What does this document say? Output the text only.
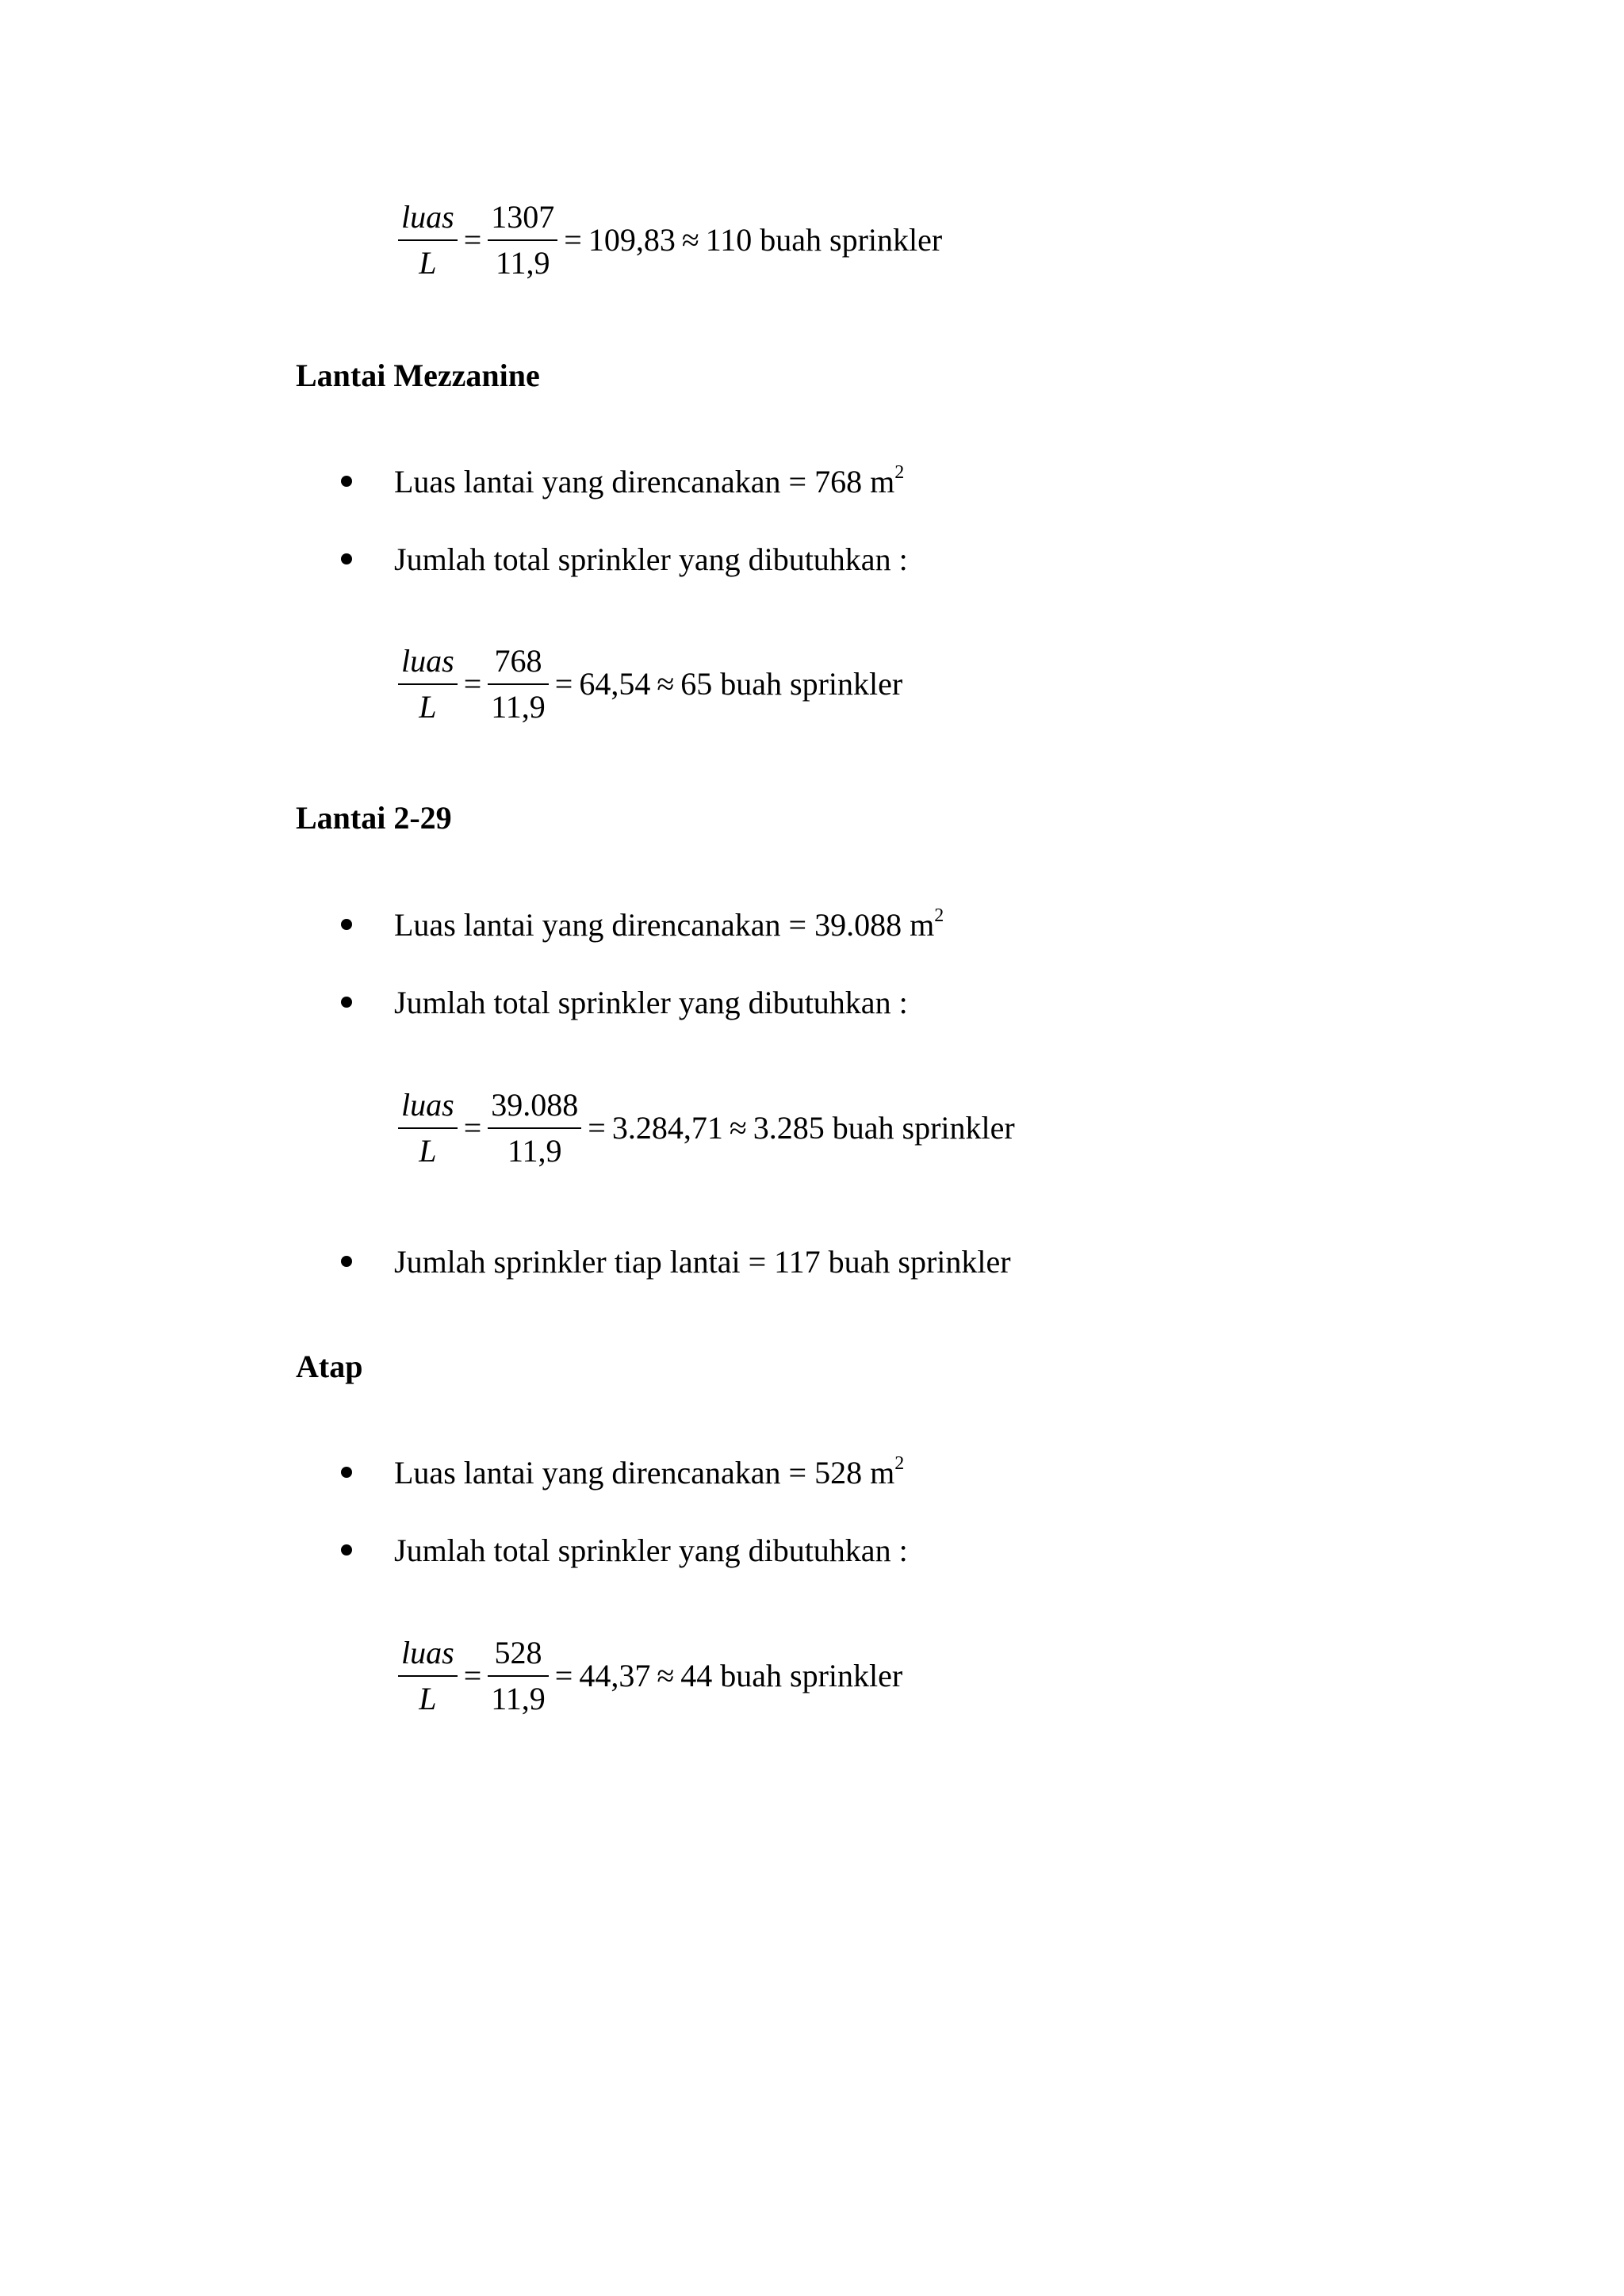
$\frac{\text{luas}}{L} = \frac{1307}{11,9} = 109,83 \approx 110$ buah sprinkler
Lantai Mezzanine
Luas lantai yang direncanakan = 768 $m^2$
Jumlah total sprinkler yang dibutuhkan :
$\frac{\text{luas}}{L} = \frac{768}{11,9} = 64,54 \approx 65$ buah sprinkler
Lantai 2-29
Luas lantai yang direncanakan = 39.088 $m^2$
Jumlah total sprinkler yang dibutuhkan :
$\frac{\text{luas}}{L} = \frac{39.088}{11,9} = 3.284,71 \approx 3.285$ buah sprinkler
Jumlah sprinkler tiap lantai = 117 buah sprinkler
Atap
Luas lantai yang direncanakan = 528 $m^2$
Jumlah total sprinkler yang dibutuhkan :
$\frac{\text{luas}}{L} = \frac{528}{11,9} = 44,37 \approx 44$ buah sprinkler
